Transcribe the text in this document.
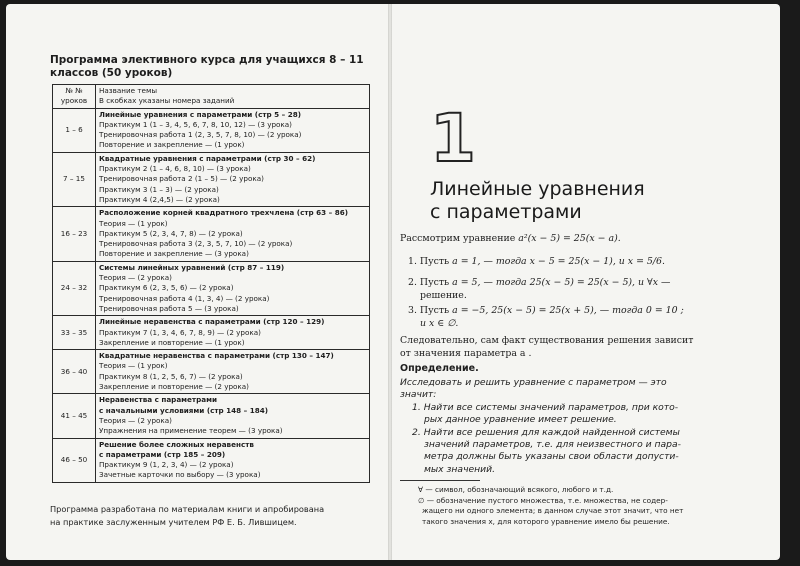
Программа элективного курса для учащихся 8 – 11 классов (50 уроков)
№ №
уроков	Название темы
В скобках указаны номера заданий

1 – 6	Линейные уравнения с параметрами (стр 5 – 28)
Практикум 1 (1 – 3, 4, 5, 6, 7, 8, 10, 12) — (3 урока)
Тренировочная работа 1 (2, 3, 5, 7, 8, 10) — (2 урока)
Повторение и закрепление — (1 урок)

7 – 15	Квадратные уравнения с параметрами (стр 30 – 62)
Практикум 2 (1 – 4, 6, 8, 10) — (3 урока)
Тренировочная работа 2 (1 – 5) — (2 урока)
Практикум 3 (1 – 3) — (2 урока)
Практикум 4 (2,4,5) — (2 урока)

16 – 23	Расположение корней квадратного трехчлена (стр 63 – 86)
Теория — (1 урок)
Практикум 5 (2, 3, 4, 7, 8) — (2 урока)
Тренировочная работа 3 (2, 3, 5, 7, 10) — (2 урока)
Повторение и закрепление — (3 урока)

24 – 32	Системы линейных уравнений (стр 87 – 119)
Теория — (2 урока)
Практикум 6 (2, 3, 5, 6) — (2 урока)
Тренировочная работа 4 (1, 3, 4) — (2 урока)
Тренировочная работа 5 — (3 урока)

33 – 35	Линейные неравенства с параметрами (стр 120 – 129)
Практикум 7 (1, 3, 4, 6, 7, 8, 9) — (2 урока)
Закрепление и повторение — (1 урок)

36 – 40	Квадратные неравенства с параметрами (стр 130 – 147)
Теория — (1 урок)
Практикум 8 (1, 2, 5, 6, 7) — (2 урока)
Закрепление и повторение — (2 урока)

41 – 45	Неравенства с параметрами
с начальными условиями (стр 148 – 184)
Теория — (2 урока)
Упражнения на применение теорем — (3 урока)

46 – 50	Решение более сложных неравенств
с параметрами (стр 185 – 209)
Практикум 9 (1, 2, 3, 4) — (2 урока)
Зачетные карточки по выбору — (3 урока)
Программа разработана по материалам книги и апробирована
на практике заслуженным учителем РФ Е. Б. Лившицем.
1
Линейные уравнения
с параметрами
Рассмотрим уравнение a²(x − 5) = 25(x − a).
1. Пусть a = 1, — тогда x − 5 = 25(x − 1), и x = 5/6.
2. Пусть a = 5, — тогда 25(x − 5) = 25(x − 5), и ∀x —
решение.
3. Пусть a = −5, 25(x − 5) = 25(x + 5), — тогда 0 = 10 ;
и x ∈ ∅.
Следовательно, сам факт существования решения зависит
от значения параметра a .
Определение.
Исследовать и решить уравнение с параметром — это
значит:
1. Найти все системы значений параметров, при кото-
рых данное уравнение имеет решение.
2. Найти все решения для каждой найденной системы
значений параметров, т.е. для неизвестного и пара-
метра должны быть указаны свои области допусти-
мых значений.
∀ — символ, обозначающий всякого, любого и т.д.
∅ — обозначение пустого множества, т.е. множества, не содер-
жащего ни одного элемента; в данном случае этот значит, что нет
такого значения x, для которого уравнение имело бы решение.
